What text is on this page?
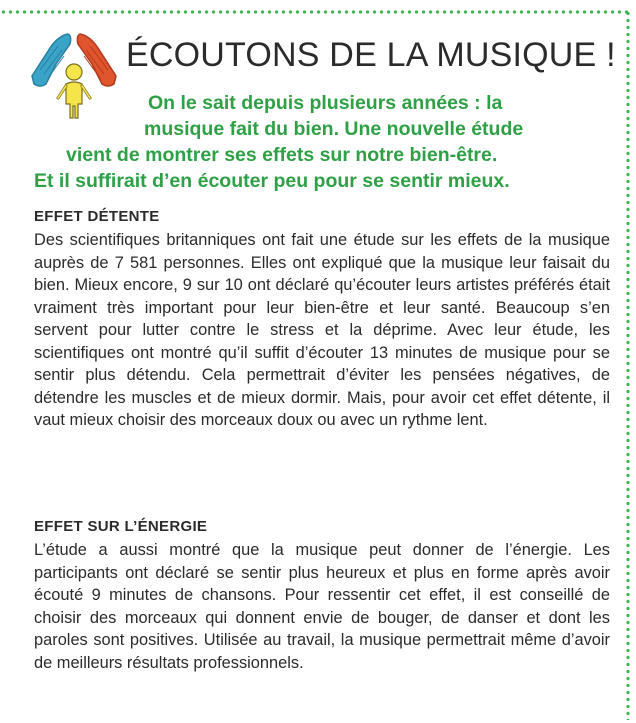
ÉCOUTONS DE LA MUSIQUE !

On le sait depuis plusieurs années : la
musique fait du bien. Une nouvelle étude
vient de montrer ses effets sur notre bien-être.
Et il suffirait d’en écouter peu pour se sentir mieux.

EFFET DÉTENTE

Des scientifiques britanniques ont fait une étude sur les effets de la musique auprès de 7 581 personnes. Elles ont expliqué que la musique leur faisait du bien. Mieux encore, 9 sur 10 ont déclaré qu’écouter leurs artistes préférés était vraiment très important pour leur bien-être et leur santé. Beaucoup s’en servent pour lutter contre le stress et la déprime. Avec leur étude, les scientifiques ont montré qu’il suffit d’écouter 13 minutes de musique pour se sentir plus détendu. Cela permettrait d’éviter les pensées négatives, de détendre les muscles et de mieux dormir. Mais, pour avoir cet effet détente, il vaut mieux choisir des morceaux doux ou avec un rythme lent.

EFFET SUR L’ÉNERGIE

L’étude a aussi montré que la musique peut donner de l’énergie. Les participants ont déclaré se sentir plus heureux et plus en forme après avoir écouté 9 minutes de chansons. Pour ressentir cet effet, il est conseillé de choisir des morceaux qui donnent envie de bouger, de danser et dont les paroles sont positives. Utilisée au travail, la musique permettrait même d’avoir de meilleurs résultats professionnels.
